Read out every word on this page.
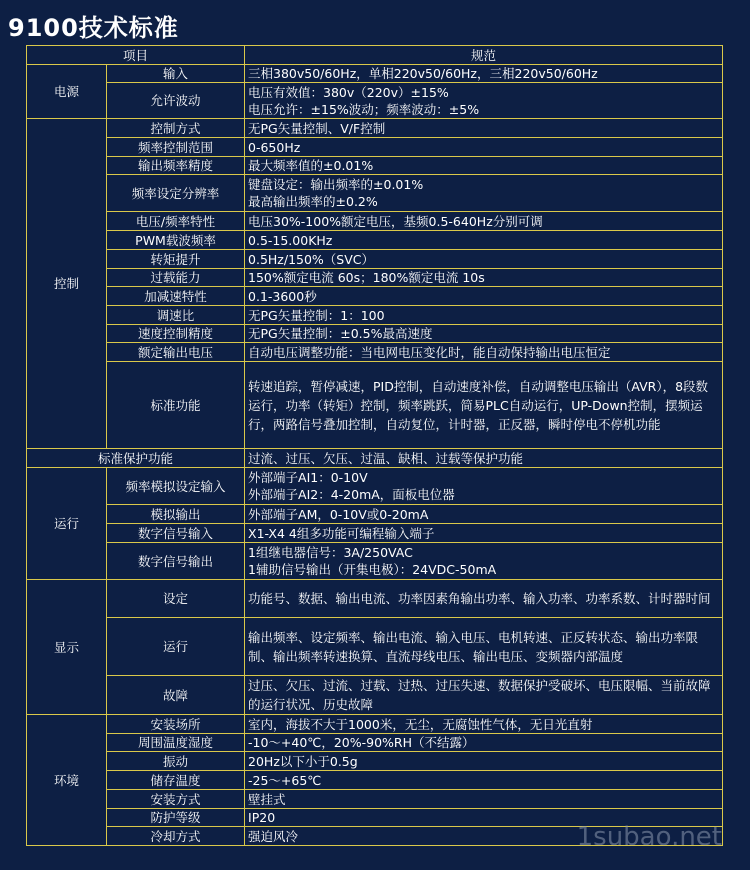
9100技术标准
项目		规范
电源	输入	三相380v50/60Hz，单相220v50/60Hz，三相220v50/60Hz
	允许波动	电压有效值：380v（220v）±15%
电压允许：±15%波动；频率波动：±5%

控制	控制方式	无PG矢量控制、V/F控制
	频率控制范围	0-650Hz
	输出频率精度	最大频率值的±0.01%
	频率设定分辨率	键盘设定：输出频率的±0.01%
最高输出频率的±0.2%

	电压/频率特性	电压30%-100%额定电压，基频0.5-640Hz分别可调
	PWM载波频率	0.5-15.00KHz
	转矩提升	0.5Hz/150%（SVC）
	过载能力	150%额定电流 60s；180%额定电流 10s
	加减速特性	0.1-3600秒
	调速比	无PG矢量控制：1：100
	速度控制精度	无PG矢量控制：±0.5%最高速度
	额定输出电压	自动电压调整功能：当电网电压变化时，能自动保持输出电压恒定
	标准功能	转速追踪，暂停减速，PID控制，自动速度补偿，自动调整电压输出（AVR），8段数运行，功率（转矩）控制，频率跳跃，简易PLC自动运行，UP-Down控制，摆频运行，两路信号叠加控制，自动复位，计时器，正反器，瞬时停电不停机功能

标准保护功能		过流、过压、欠压、过温、缺相、过载等保护功能
运行	频率模拟设定输入	外部端子AI1：0-10V
外部端子AI2：4-20mA，面板电位器

	模拟输出	外部端子AM，0-10V或0-20mA
	数字信号输入	X1-X4 4组多功能可编程输入端子
	数字信号输出	1组继电器信号：3A/250VAC
1辅助信号输出（开集电极）：24VDC-50mA

显示	设定	功能号、数据、输出电流、功率因素角输出功率、输入功率、功率系数、计时器时间

	运行	输出频率、设定频率、输出电流、输入电压、电机转速、正反转状态、输出功率限制、输出频率转速换算、直流母线电压、输出电压、变频器内部温度

	故障	过压、欠压、过流、过载、过热、过压失速、数据保护受破坏、电压限幅、当前故障的运行状况、历史故障

环境	安装场所	室内，海拔不大于1000米，无尘，无腐蚀性气体，无日光直射
	周围温度湿度	-10～+40℃，20%-90%RH（不结露）
	振动	20Hz以下小于0.5g
	储存温度	-25～+65℃
	安装方式	壁挂式
	防护等级	IP20
	冷却方式	强迫风冷	1subao.net
